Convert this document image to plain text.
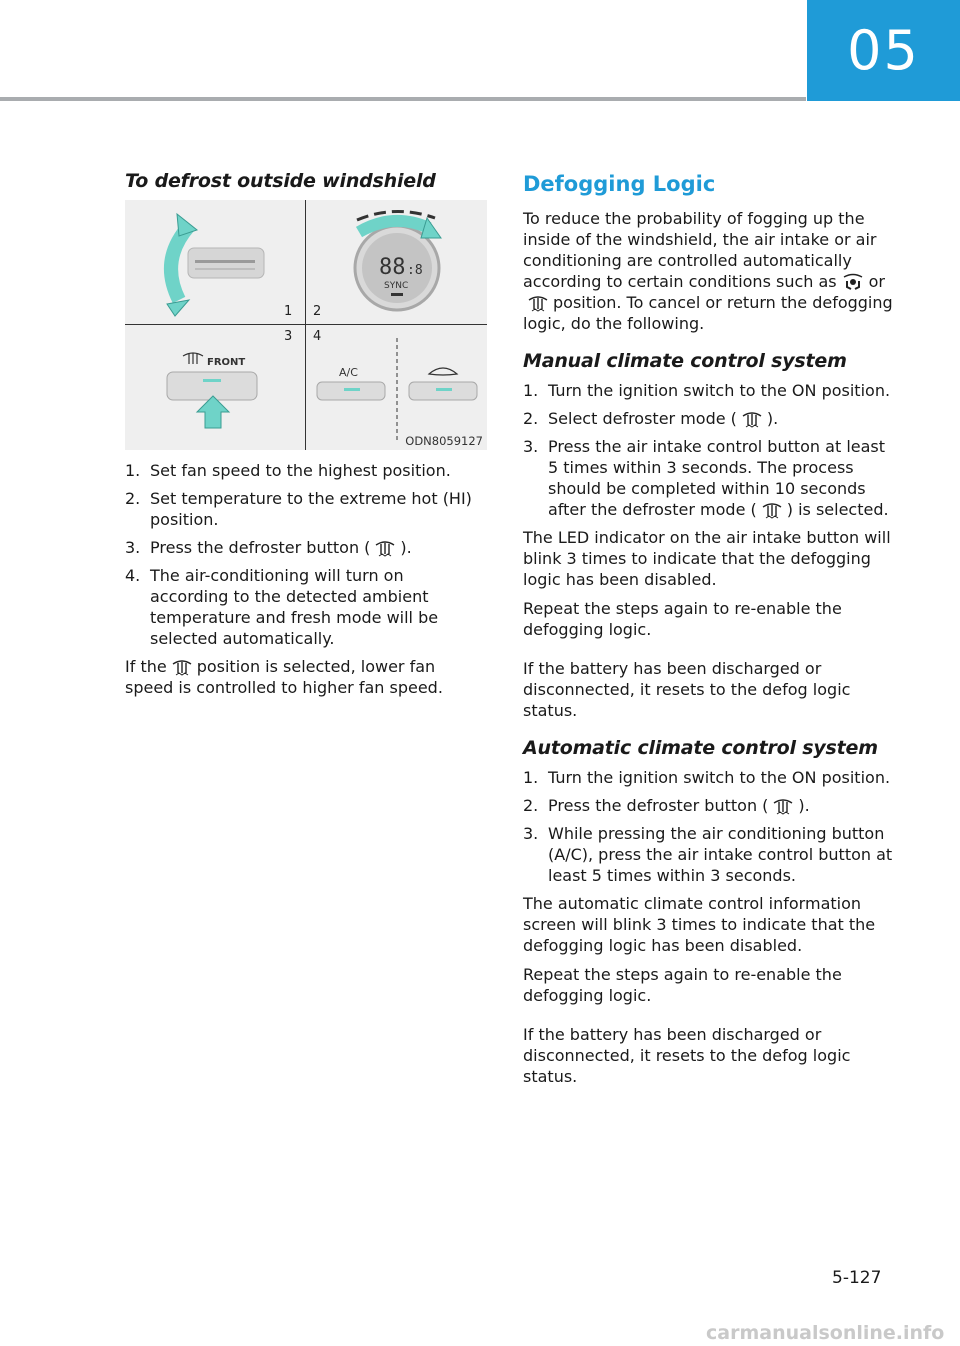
05
To defrost outside windshield
88 :8
SYNC
FRONT
A/C
1 2
3 4
ODN8059127
1. Set fan speed to the highest position.
2. Set temperature to the extreme hot (HI) position.
3. Press the defroster button ( ).
4. The air-conditioning will turn on according to the detected ambient temperature and fresh mode will be selected automatically.

If the position is selected, lower fan speed is controlled to higher fan speed.

Defogging Logic

To reduce the probability of fogging up the inside of the windshield, the air intake or air conditioning are controlled automatically according to certain conditions such as orposition. To cancel or return the defogging logic, do the following.

Manual climate control system
1. Turn the ignition switch to the ON position.
2. Select defroster mode ( ).
3. Press the air intake control button at least 5 times within 3 seconds. The process should be completed within 10 seconds after the defroster mode ( ) is selected.

The LED indicator on the air intake button will blink 3 times to indicate that the defogging logic has been disabled.

Repeat the steps again to re-enable the defogging logic.

If the battery has been discharged or disconnected, it resets to the defog logic status.

Automatic climate control system
1. Turn the ignition switch to the ON position.
2. Press the defroster button ( ).
3. While pressing the air conditioning button (A/C), press the air intake control button at least 5 times within 3 seconds.

The automatic climate control information screen will blink 3 times to indicate that the defogging logic has been disabled.

Repeat the steps again to re-enable the defogging logic.

If the battery has been discharged or disconnected, it resets to the defog logic status.

5-127
carmanualsonline.info
